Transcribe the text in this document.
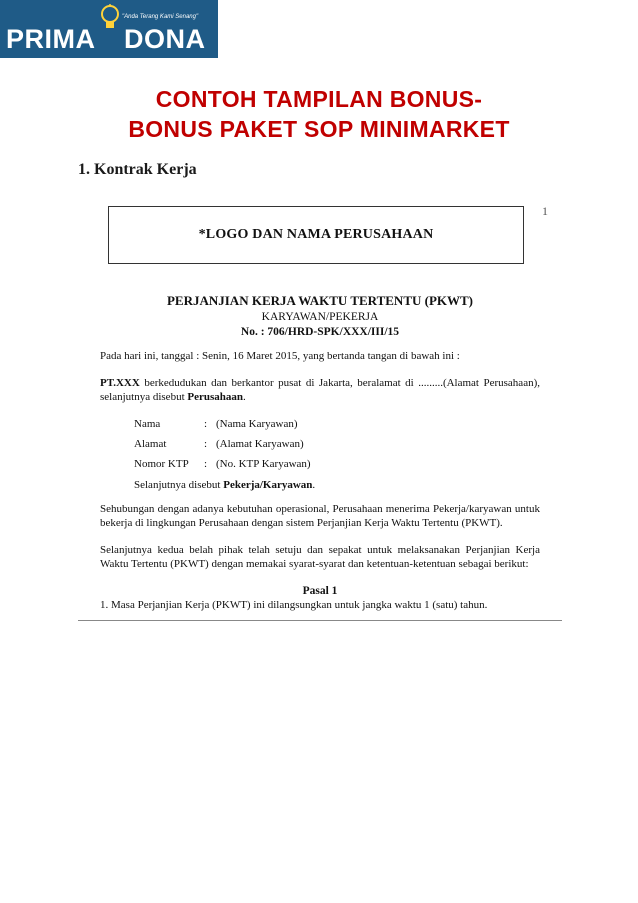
"Anda Terang Kami Senang"
PRIMA DONA
CONTOH TAMPILAN BONUS-
BONUS PAKET SOP MINIMARKET
1. Kontrak Kerja
*LOGO DAN NAMA PERUSAHAAN
1
PERJANJIAN KERJA WAKTU TERTENTU (PKWT)
KARYAWAN/PEKERJA
No. : 706/HRD-SPK/XXX/III/15
Pada hari ini, tanggal : Senin, 16 Maret 2015, yang bertanda tangan di bawah ini :
PT.XXX berkedudukan dan berkantor pusat di Jakarta, beralamat di .........(Alamat Perusahaan), selanjutnya disebut Perusahaan.
Nama	: (Nama Karyawan)
Alamat	: (Alamat Karyawan)
Nomor KTP : (No. KTP Karyawan)
Selanjutnya disebut Pekerja/Karyawan.
Sehubungan dengan adanya kebutuhan operasional, Perusahaan menerima Pekerja/karyawan untuk bekerja di lingkungan Perusahaan dengan sistem Perjanjian Kerja Waktu Tertentu (PKWT).
Selanjutnya kedua belah pihak telah setuju dan sepakat untuk melaksanakan Perjanjian Kerja Waktu Tertentu (PKWT) dengan memakai syarat-syarat dan ketentuan-ketentuan sebagai berikut:
Pasal 1
1. Masa Perjanjian Kerja (PKWT) ini dilangsungkan untuk jangka waktu 1 (satu) tahun.
